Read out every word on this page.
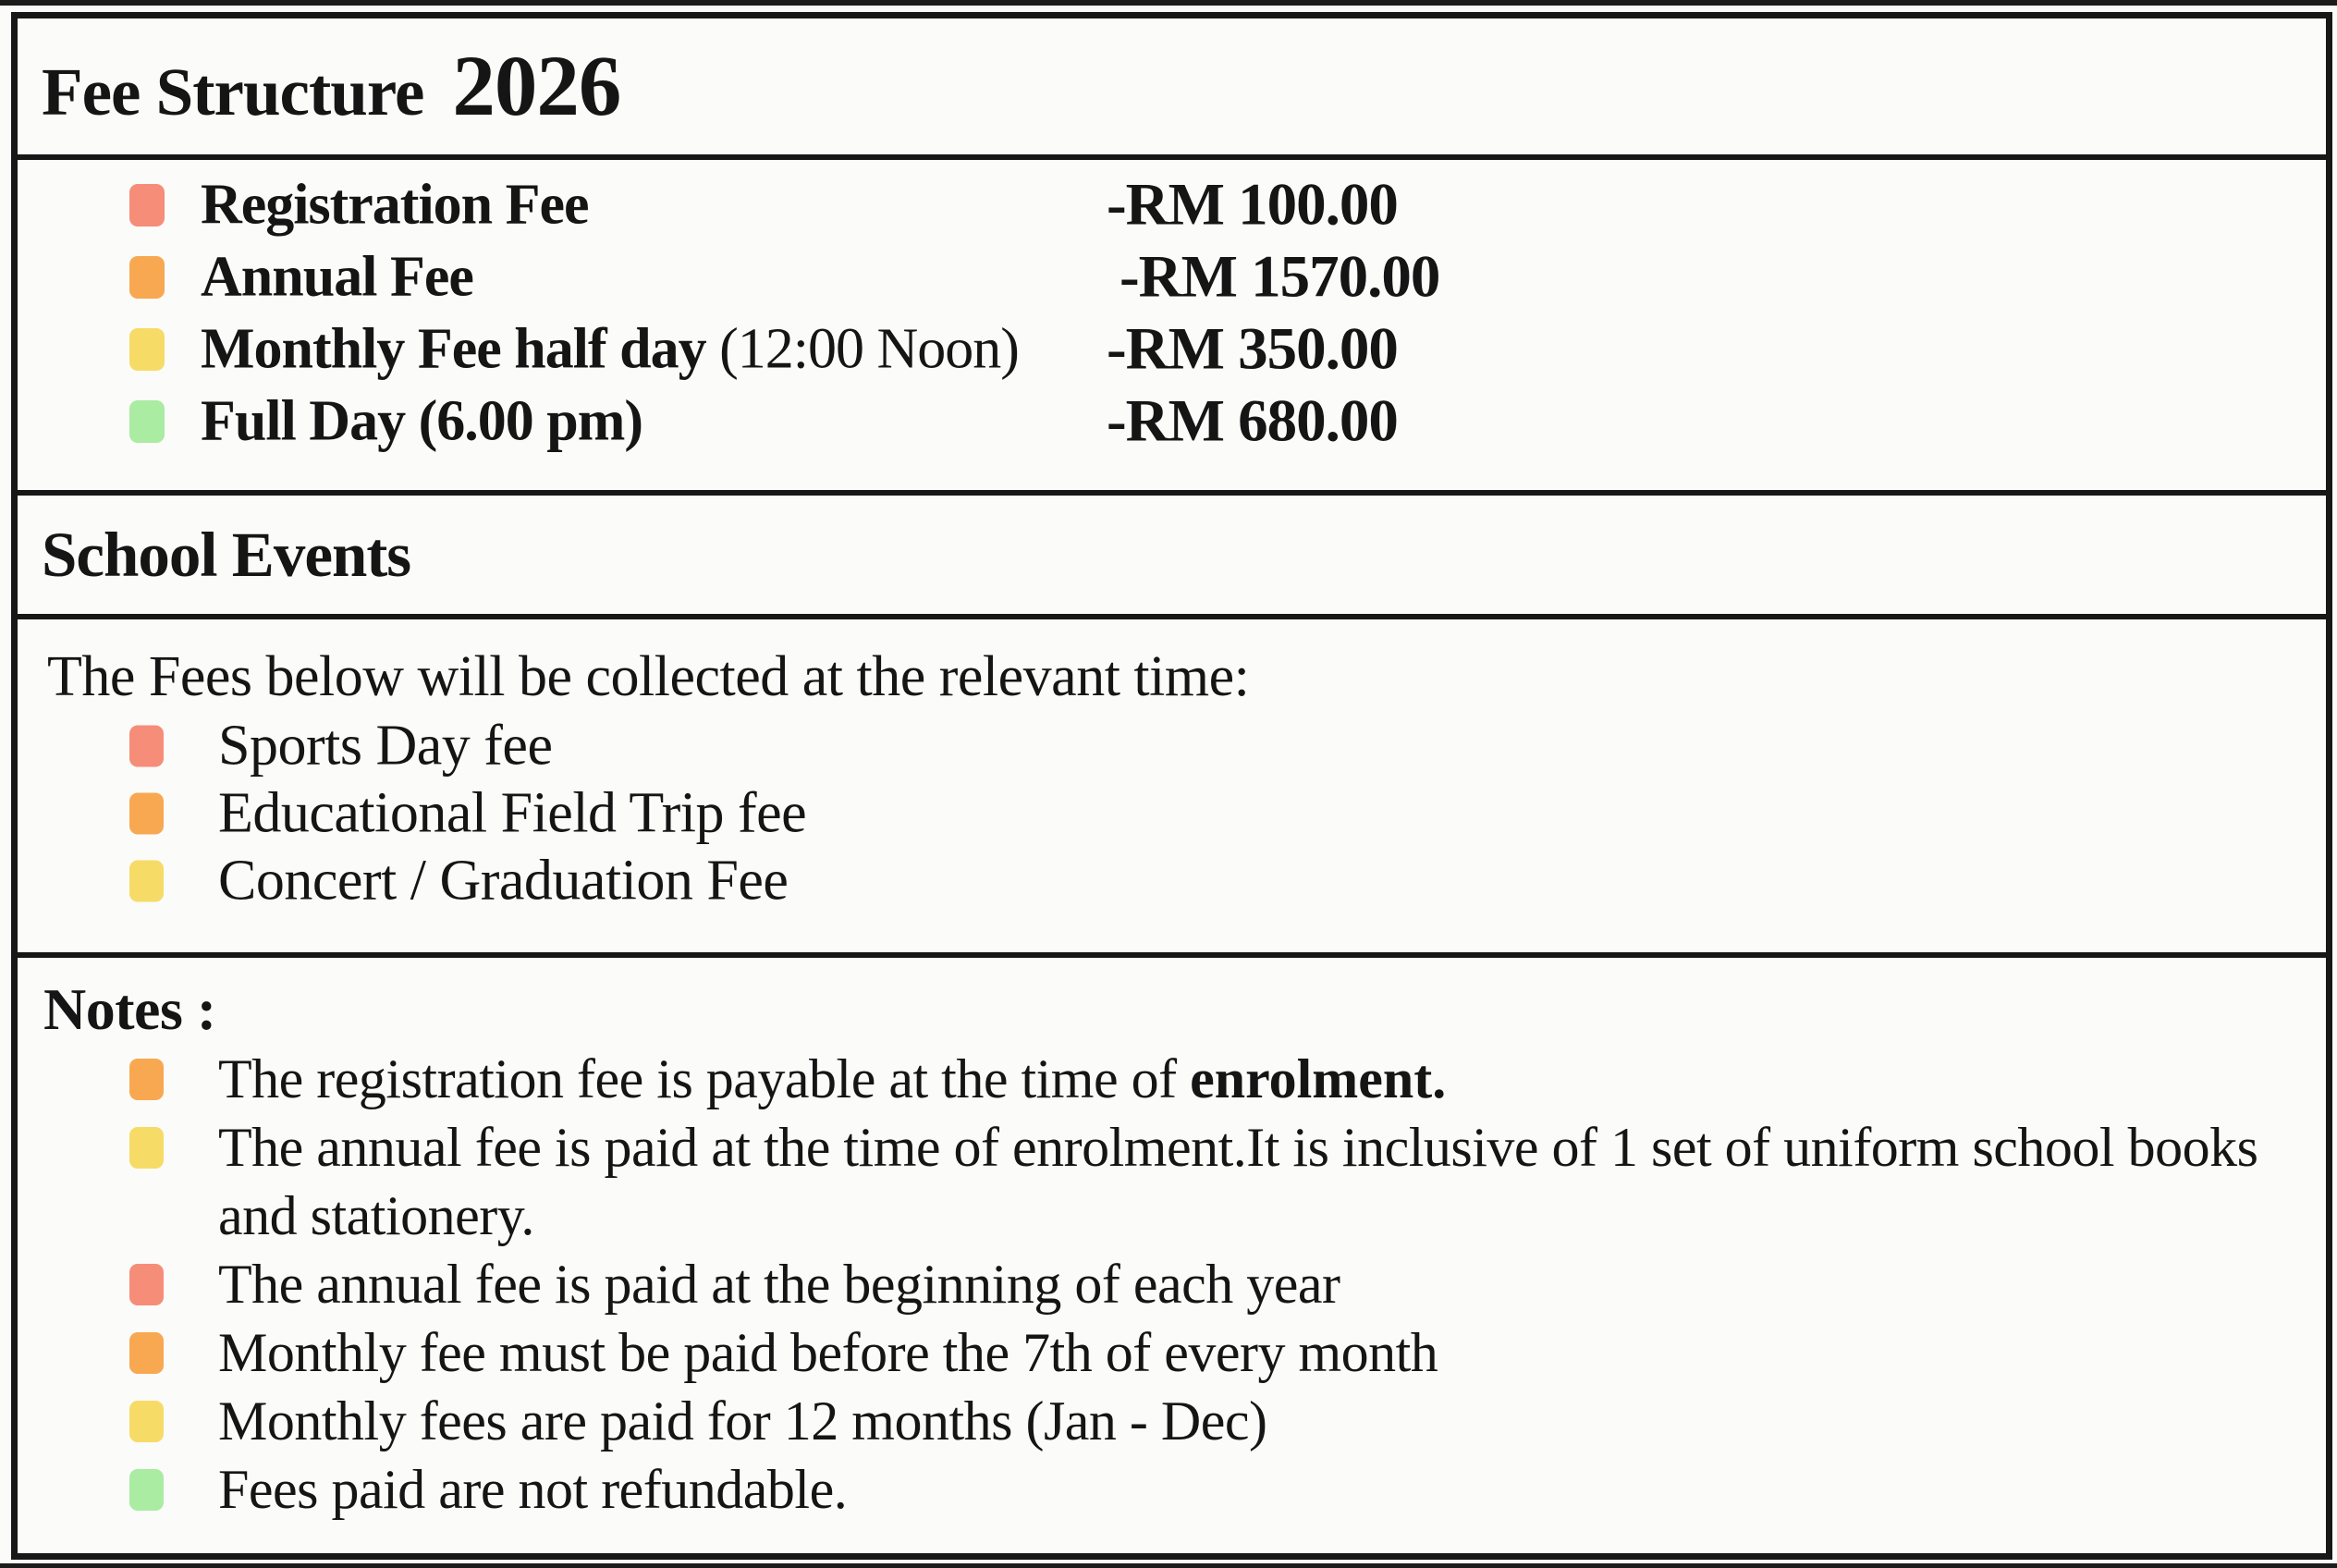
Fee Structure 2026
Registration Fee	-RM 100.00
Annual Fee	-RM 1570.00
Monthly Fee half day (12:00 Noon) -RM 350.00
Full Day (6.00 pm)	-RM 680.00
School Events

The Fees below will be collected at the relevant time:

Sports Day fee
Educational Field Trip fee
Concert / Graduation Fee
Notes :
The registration fee is payable at the time of enrolment.
The annual fee is paid at the time of enrolment.It is inclusive of 1 set of uniform school books and stationery.
The annual fee is paid at the beginning of each year
Monthly fee must be paid before the 7th of every month
Monthly fees are paid for 12 months (Jan - Dec)
Fees paid are not refundable.
